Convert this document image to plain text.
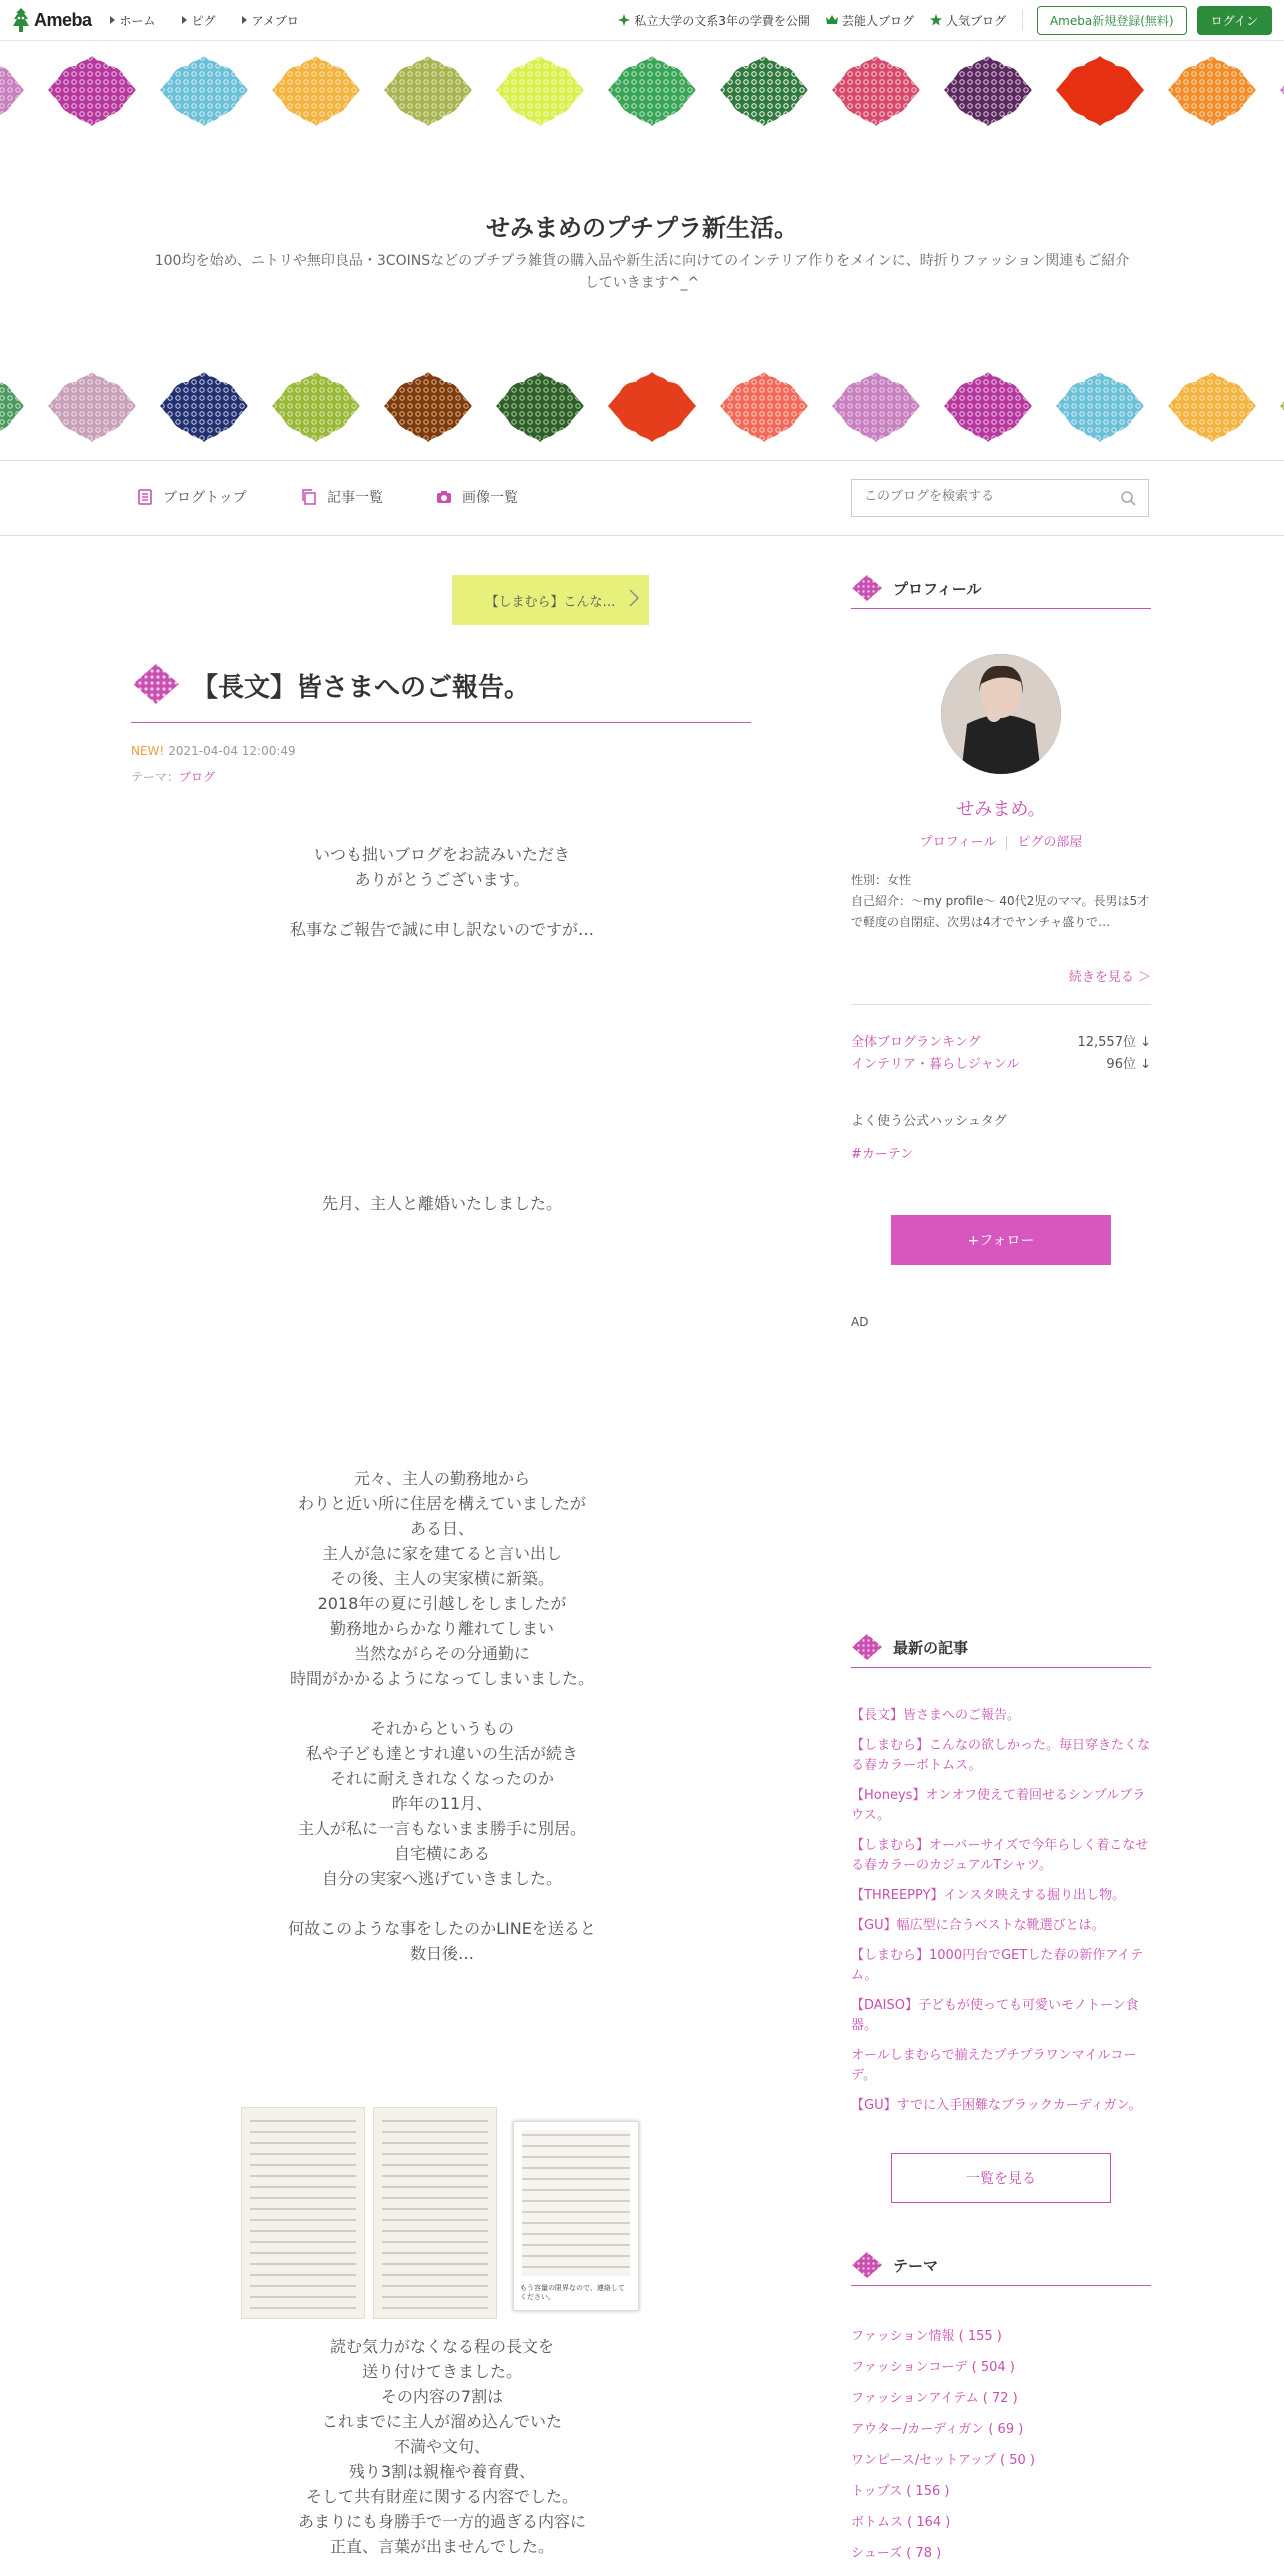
Ameba	ホーム	ピグ	アメブロ	私立大学の文系3年の学費を公開	芸能人ブログ	人気ブログ	Ameba新規登録(無料)	ログイン
せみまめのプチプラ新生活。
100均を始め、ニトリや無印良品・3COINSなどのプチプラ雑貨の購入品や新生活に向けてのインテリア作りをメインに、時折りファッション関連もご紹介していきます^_^
ブログトップ	記事一覧	画像一覧
このブログを検索する
【しまむら】こんな…
【長文】皆さまへのご報告。
NEW! 2021-04-04 12:00:49
テーマ：ブログ
いつも拙いブログをお読みいただき
ありがとうございます。

私事なご報告で誠に申し訳ないのですが…
先月、主人と離婚いたしました。
元々、主人の勤務地から
わりと近い所に住居を構えていましたが
ある日、
主人が急に家を建てると言い出し
その後、主人の実家横に新築。
2018年の夏に引越しをしましたが
勤務地からかなり離れてしまい
当然ながらその分通勤に
時間がかかるようになってしまいました。

それからというもの
私や子ども達とすれ違いの生活が続き
それに耐えきれなくなったのか
昨年の11月、
主人が私に一言もないまま勝手に別居。
自宅横にある
自分の実家へ逃げていきました。

何故このような事をしたのかLINEを送ると
数日後…
もう容量の限界なので、連絡してください。
読む気力がなくなる程の長文を
送り付けてきました。
その内容の7割は
これまでに主人が溜め込んでいた
不満や文句、
残り3割は親権や養育費、
そして共有財産に関する内容でした。
あまりにも身勝手で一方的過ぎる内容に
正直、言葉が出ませんでした。
プロフィール
せみまめ。
プロフィール ピグの部屋
性別：女性
自己紹介：～my profile～ 40代2児のママ。長男は5才で軽度の自閉症、次男は4才でヤンチャ盛りで…
続きを見る ＞
全体ブログランキング	12,557位 ↓
インテリア・暮らしジャンル	96位 ↓
よく使う公式ハッシュタグ
#カーテン
+フォロー
AD
最新の記事
【長文】皆さまへのご報告。
【しまむら】こんなの欲しかった。毎日穿きたくなる春カラーボトムス。
【Honeys】オンオフ使えて着回せるシンプルブラウス。
【しまむら】オーバーサイズで今年らしく着こなせる春カラーのカジュアルTシャツ。
【THREEPPY】インスタ映えする掘り出し物。
【GU】幅広型に合うベストな靴選びとは。
【しまむら】1000円台でGETした春の新作アイテム。
【DAISO】子どもが使っても可愛いモノトーン食器。
オールしまむらで揃えたプチプラワンマイルコーデ。
【GU】すでに入手困難なブラックカーディガン。
一覧を見る
テーマ
ファッション情報 ( 155 )
ファッションコーデ ( 504 )
ファッションアイテム ( 72 )
アウター/カーディガン ( 69 )
ワンピース/セットアップ ( 50 )
トップス ( 156 )
ボトムス ( 164 )
シューズ ( 78 )
